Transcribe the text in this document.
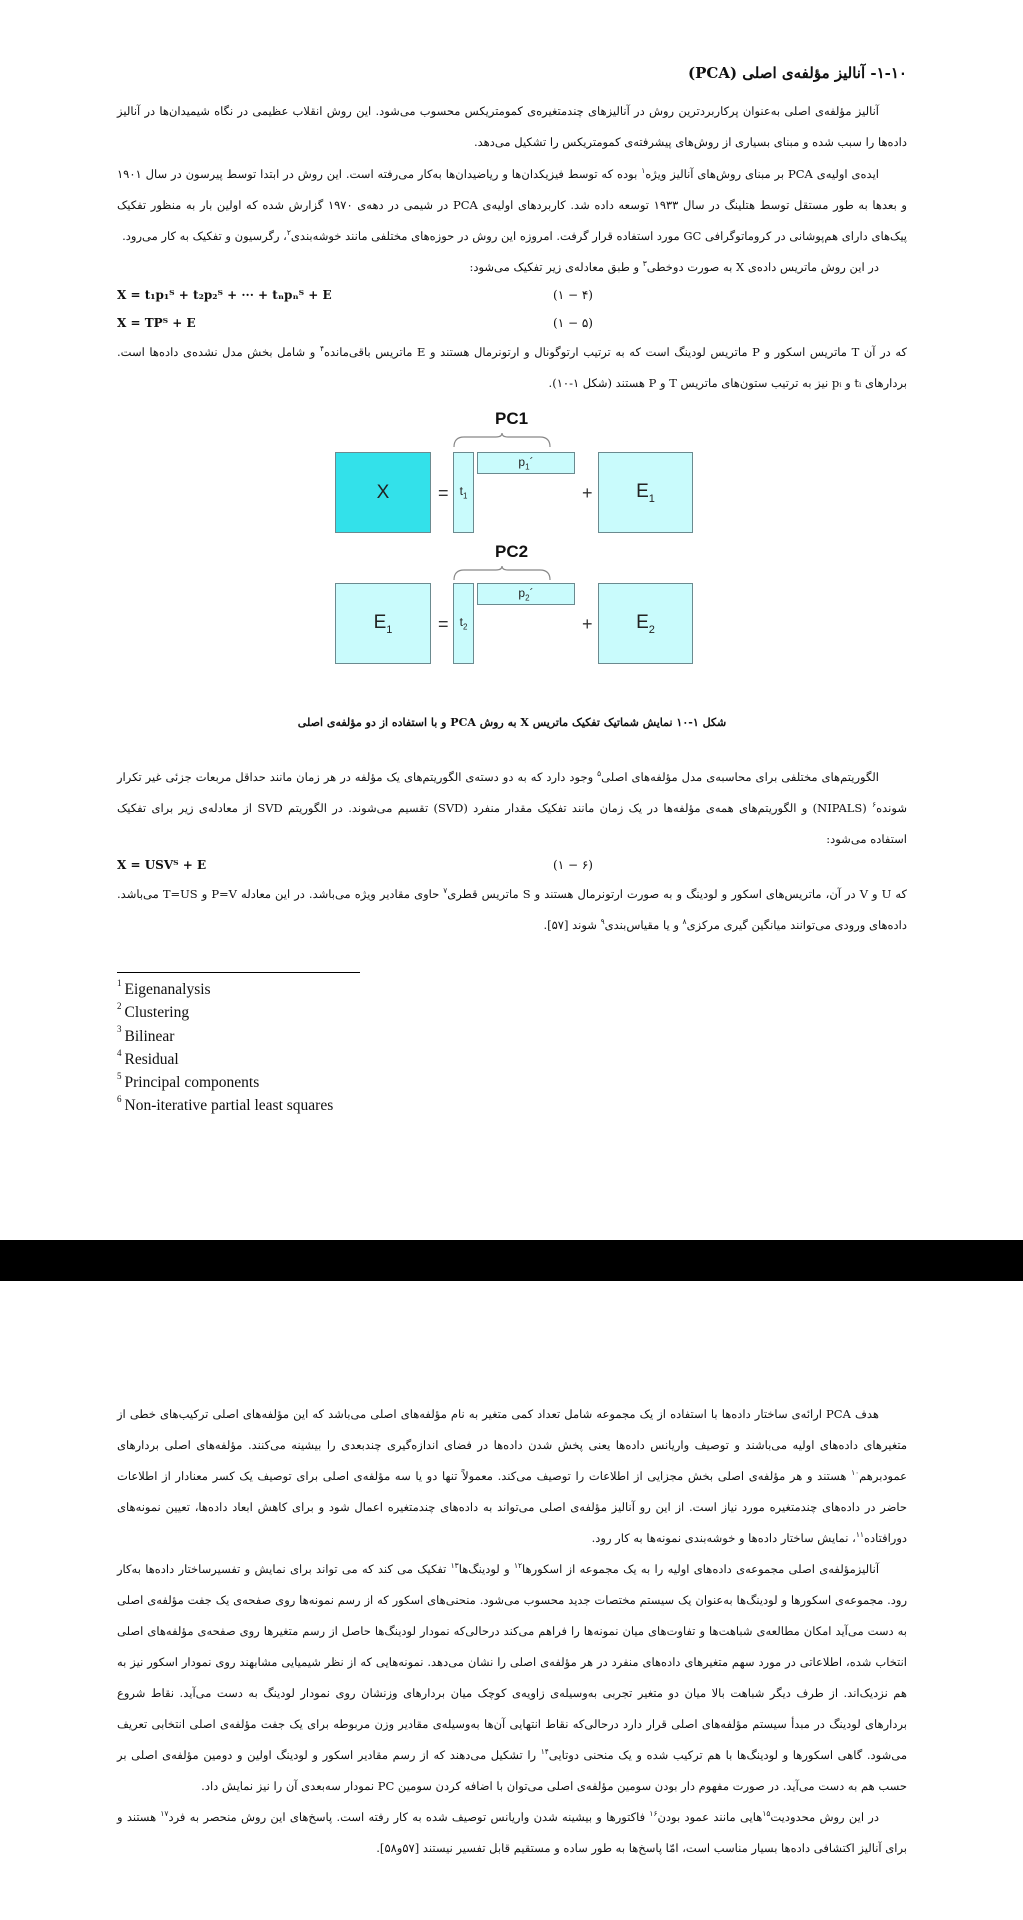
۱-۱۰- آنالیز مؤلفه‌ی اصلی (PCA)
آنالیز مؤلفه‌ی اصلی به‌عنوان پرکاربردترین روش در آنالیزهای چندمتغیره‌ی کمومتریکس محسوب می‌شود. این روش انقلاب عظیمی در نگاه شیمیدان‌ها در آنالیز داده‌ها را سبب شده و مبنای بسیاری از روش‌های پیشرفته‌ی کمومتریکس را تشکیل می‌دهد.
ایده‌ی اولیه‌ی PCA بر مبنای روش‌های آنالیز ویژه$^۱$ بوده که توسط فیزیکدان‌ها و ریاضیدان‌ها به‌کار می‌رفته است. این روش در ابتدا توسط پیرسون در سال ۱۹۰۱ و بعدها به طور مستقل توسط هتلینگ در سال ۱۹۳۳ توسعه داده شد. کاربردهای اولیه‌ی PCA در شیمی در دهه‌ی ۱۹۷۰ گزارش شده که اولین بار به منظور تفکیک پیک‌های دارای هم‌پوشانی در کروماتوگرافی GC مورد استفاده قرار گرفت. امروزه این روش در حوزه‌های مختلفی مانند خوشه‌بندی$^۲$، رگرسیون و تفکیک به کار می‌رود.
در این روش ماتریس داده‌ی X به صورت دوخطی$^۳$ و طبق معادله‌ی زیر تفکیک می‌شود:
X = t₁p₁ᵀ + t₂p₂ᵀ + ··· + tₙpₙᵀ + E	(۴ − ۱)
X = TPᵀ + E	(۵ − ۱)
که در آن T ماتریس اسکور و P ماتریس لودینگ است که به ترتیب ارتوگونال و ارتونرمال هستند و E ماتریس باقی‌مانده$^۴$ و شامل بخش مدل نشده‌ی داده‌ها است. بردارهای tᵢ و pᵢ نیز به ترتیب ستون‌های ماتریس T و P هستند (شکل ۱-۱۰).
PC1
X	= $t_1$
$p_1´$
+ $E_1$
PC2
$E_1$	= $t_2$
$p_2´$
+ $E_2$
شکل ۱-۱۰ نمایش شماتیک تفکیک ماتریس X به روش PCA و با استفاده از دو مؤلفه‌ی اصلی
الگوریتم‌های مختلفی برای محاسبه‌ی مدل مؤلفه‌های اصلی$^۵$ وجود دارد که به دو دسته‌ی الگوریتم‌های یک مؤلفه در هر زمان مانند حداقل مربعات جزئی غیر تکرار شونده$^۶$ (NIPALS) و الگوریتم‌های همه‌ی مؤلفه‌ها در یک زمان مانند تفکیک مقدار منفرد (SVD) تقسیم می‌شوند. در الگوریتم SVD از معادله‌ی زیر برای تفکیک استفاده می‌شود:
X = USVᵀ + E	(۶ − ۱)
که U و V در آن، ماتریس‌های اسکور و لودینگ و به صورت ارتونرمال هستند و S ماتریس قطری$^۷$ حاوی مقادیر ویژه می‌باشد. در این معادله P=V و T=US می‌باشد. داده‌های ورودی می‌توانند میانگین گیری مرکزی$^۸$ و یا مقیاس‌بندی$^۹$ شوند [۵۷].
$^1$ Eigenanalysis
$^2$ Clustering
$^3$ Bilinear
$^4$ Residual
$^5$ Principal components
$^6$ Non-iterative partial least squares
هدف PCA ارائه‌ی ساختار داده‌ها با استفاده از یک مجموعه شامل تعداد کمی متغیر به نام مؤلفه‌های اصلی می‌باشد که این مؤلفه‌های اصلی ترکیب‌های خطی از متغیرهای داده‌های اولیه می‌باشند و توصیف واریانس داده‌ها یعنی پخش شدن داده‌ها در فضای اندازه‌گیری چندبعدی را بیشینه می‌کنند. مؤلفه‌های اصلی بردارهای عمودبرهم$^{۱۰}$ هستند و هر مؤلفه‌ی اصلی بخش مجزایی از اطلاعات را توصیف می‌کند. معمولاً تنها دو یا سه مؤلفه‌ی اصلی برای توصیف یک کسر معنادار از اطلاعات حاضر در داده‌های چندمتغیره مورد نیاز است. از این رو آنالیز مؤلفه‌ی اصلی می‌تواند به داده‌های چندمتغیره اعمال شود و برای کاهش ابعاد داده‌ها، تعیین نمونه‌های دورافتاده$^{۱۱}$، نمایش ساختار داده‌ها و خوشه‌بندی نمونه‌ها به کار رود.
آنالیزمؤلفه‌ی اصلی مجموعه‌ی داده‌های اولیه را به یک مجموعه از اسکورها$^{۱۲}$ و لودینگ‌ها$^{۱۳}$ تفکیک می کند که می تواند برای نمایش و تفسیرساختار داده‌ها به‌کار رود. مجموعه‌ی اسکورها و لودینگ‌ها به‌عنوان یک سیستم مختصات جدید محسوب می‌شود. منحنی‌های اسکور که از رسم نمونه‌ها روی صفحه‌ی یک جفت مؤلفه‌ی اصلی به دست می‌آید امکان مطالعه‌ی شباهت‌ها و تفاوت‌های میان نمونه‌ها را فراهم می‌کند درحالی‌که نمودار لودینگ‌ها حاصل از رسم متغیرها روی صفحه‌ی مؤلفه‌های اصلی انتخاب شده، اطلاعاتی در مورد سهم متغیرهای داده‌های منفرد در هر مؤلفه‌ی اصلی را نشان می‌دهد. نمونه‌هایی که از نظر شیمیایی مشابهند روی نمودار اسکور نیز به هم نزدیک‌اند. از طرف دیگر شباهت بالا میان دو متغیر تجربی به‌وسیله‌ی زاویه‌ی کوچک میان بردارهای وزنشان روی نمودار لودینگ به دست می‌آید. نقاط شروع بردارهای لودینگ در مبدأ سیستم مؤلفه‌های اصلی قرار دارد درحالی‌که نقاط انتهایی آن‌ها به‌وسیله‌ی مقادیر وزن مربوطه برای یک جفت مؤلفه‌ی اصلی انتخابی تعریف می‌شود. گاهی اسکورها و لودینگ‌ها با هم ترکیب شده و یک منحنی دوتایی$^{۱۴}$ را تشکیل می‌دهند که از رسم مقادیر اسکور و لودینگ اولین و دومین مؤلفه‌ی اصلی بر حسب هم به دست می‌آید. در صورت مفهوم دار بودن سومین مؤلفه‌ی اصلی می‌توان با اضافه کردن سومین PC نمودار سه‌بعدی آن را نیز نمایش داد.
در این روش محدودیت$^{۱۵}$هایی مانند عمود بودن$^{۱۶}$ فاکتورها و بیشینه شدن واریانس توصیف شده به کار رفته است. پاسخ‌های این روش منحصر به فرد$^{۱۷}$ هستند و برای آنالیز اکتشافی داده‌ها بسیار مناسب است، امّا پاسخ‌ها به طور ساده و مستقیم قابل تفسیر نیستند [۵۷و۵۸].
